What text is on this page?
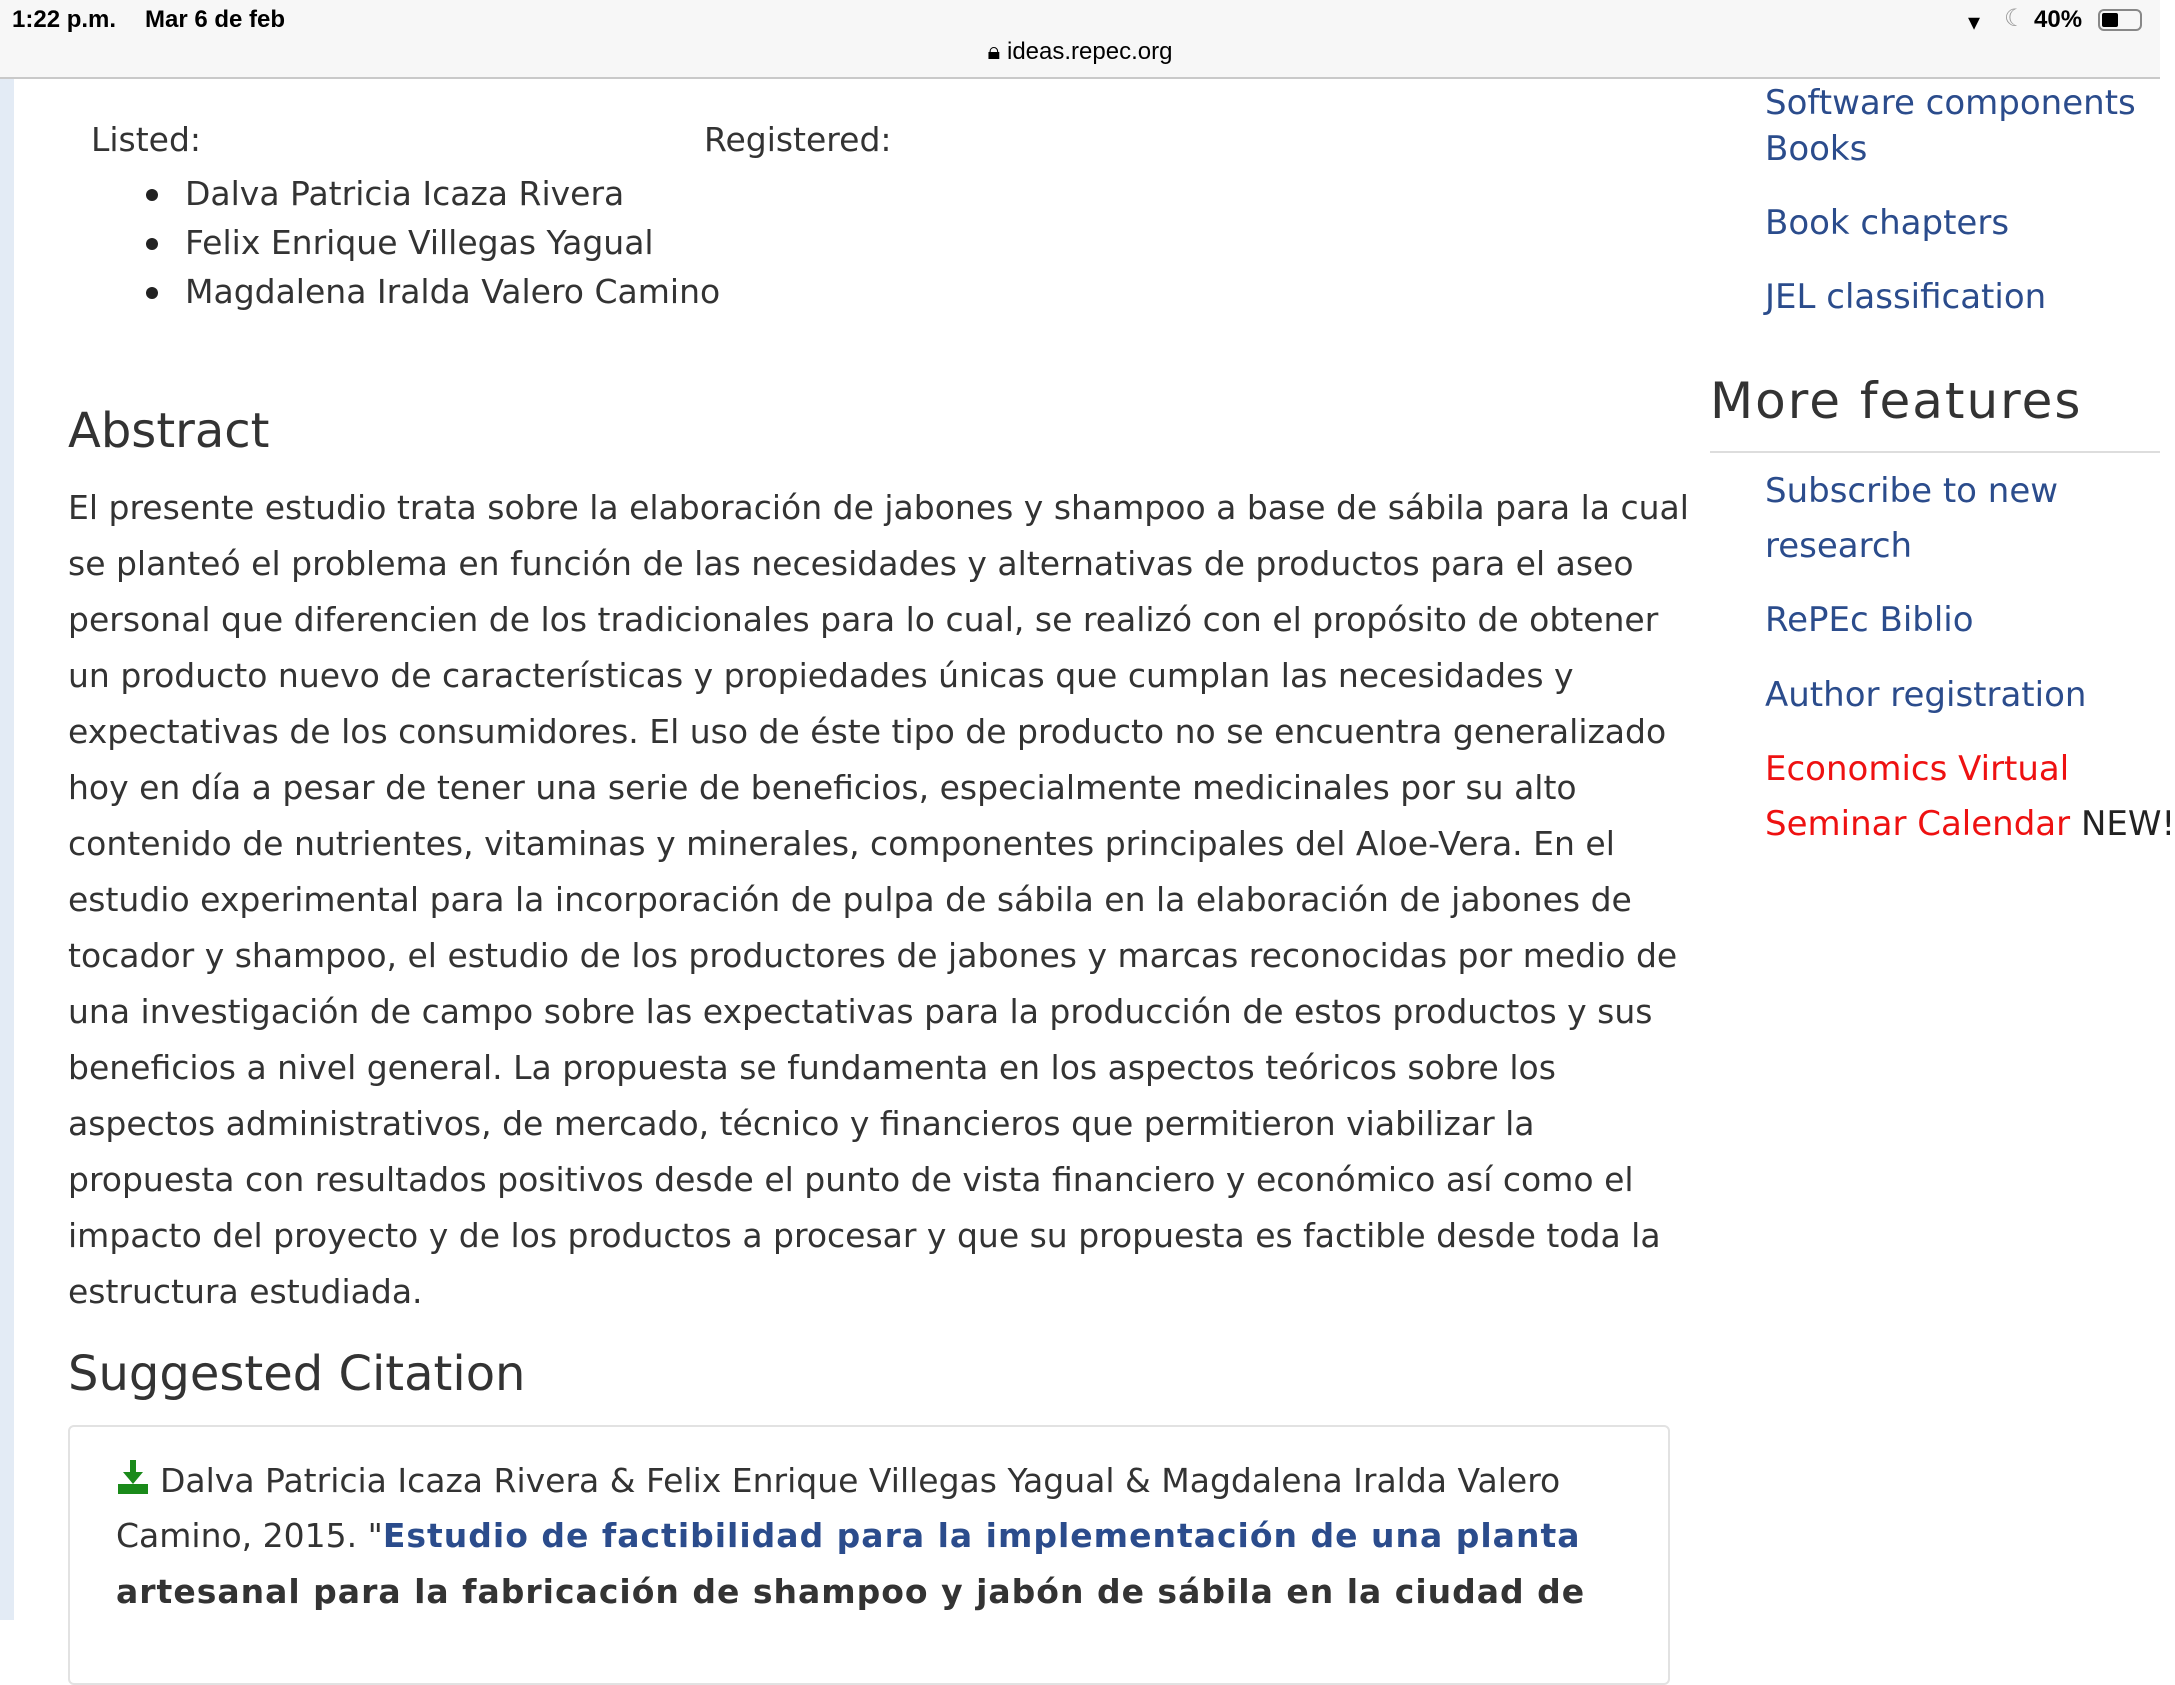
1:22 p.m. Mar 6 de feb	▾ ☾ 40%
🔒︎ ideas.repec.org
Listed:	Registered:
Dalva Patricia Icaza Rivera
Felix Enrique Villegas Yagual
Magdalena Iralda Valero Camino
Abstract
El presente estudio trata sobre la elaboración de jabones y shampoo a base de sábila para la cual
se planteó el problema en función de las necesidades y alternativas de productos para el aseo
personal que diferencien de los tradicionales para lo cual, se realizó con el propósito de obtener
un producto nuevo de características y propiedades únicas que cumplan las necesidades y
expectativas de los consumidores. El uso de éste tipo de producto no se encuentra generalizado
hoy en día a pesar de tener una serie de beneficios, especialmente medicinales por su alto
contenido de nutrientes, vitaminas y minerales, componentes principales del Aloe-Vera. En el
estudio experimental para la incorporación de pulpa de sábila en la elaboración de jabones de
tocador y shampoo, el estudio de los productores de jabones y marcas reconocidas por medio de
una investigación de campo sobre las expectativas para la producción de estos productos y sus
beneficios a nivel general. La propuesta se fundamenta en los aspectos teóricos sobre los
aspectos administrativos, de mercado, técnico y financieros que permitieron viabilizar la
propuesta con resultados positivos desde el punto de vista financiero y económico así como el
impacto del proyecto y de los productos a procesar y que su propuesta es factible desde toda la
estructura estudiada.
Suggested Citation
Dalva Patricia Icaza Rivera & Felix Enrique Villegas Yagual & Magdalena Iralda Valero
Camino, 2015. "Estudio de factibilidad para la implementación de una planta
artesanal para la fabricación de shampoo y jabón de sábila en la ciudad de
Software components
Books
Book chapters
JEL classification
More features
Subscribe to new
research
RePEc Biblio
Author registration
Economics Virtual
Seminar Calendar NEW!
